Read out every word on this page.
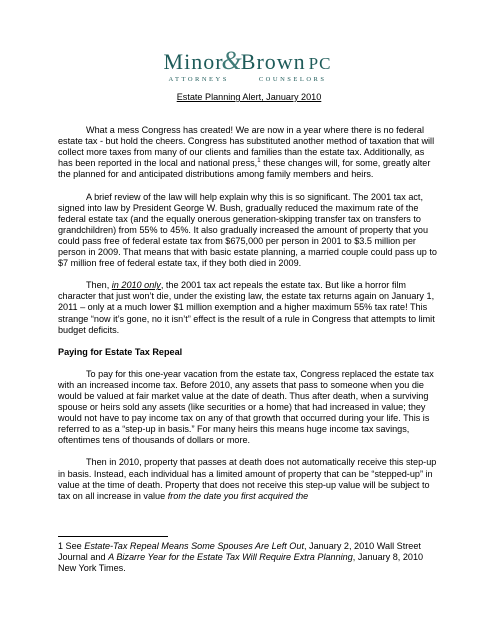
Minor&Brown PC
ATTORNEYS	COUNSELORS
Estate Planning Alert, January 2010

What a mess Congress has created! We are now in a year where there is no federal estate tax - but hold the cheers. Congress has substituted another method of taxation that will collect more taxes from many of our clients and families than the estate tax. Additionally, as has been reported in the local and national press,$^1$ these changes will, for some, greatly alter the planned for and anticipated distributions among family members and heirs.

A brief review of the law will help explain why this is so significant. The 2001 tax act, signed into law by President George W. Bush, gradually reduced the maximum rate of the federal estate tax (and the equally onerous generation-skipping transfer tax on transfers to grandchildren) from 55% to 45%. It also gradually increased the amount of property that you could pass free of federal estate tax from $675,000 per person in 2001 to $3.5 million per person in 2009. That means that with basic estate planning, a married couple could pass up to $7 million free of federal estate tax, if they both died in 2009.

Then, in 2010 only, the 2001 tax act repeals the estate tax. But like a horror film character that just won’t die, under the existing law, the estate tax returns again on January 1, 2011 – only at a much lower $1 million exemption and a higher maximum 55% tax rate! This strange “now it’s gone, no it isn’t” effect is the result of a rule in Congress that attempts to limit budget deficits.

Paying for Estate Tax Repeal

To pay for this one-year vacation from the estate tax, Congress replaced the estate tax with an increased income tax. Before 2010, any assets that pass to someone when you die would be valued at fair market value at the date of death. Thus after death, when a surviving spouse or heirs sold any assets (like securities or a home) that had increased in value; they would not have to pay income tax on any of that growth that occurred during your life. This is referred to as a “step-up in basis.” For many heirs this means huge income tax savings, oftentimes tens of thousands of dollars or more.

Then in 2010, property that passes at death does not automatically receive this step-up in basis. Instead, each individual has a limited amount of property that can be “stepped-up” in value at the time of death. Property that does not receive this step-up value will be subject to tax on all increase in value from the date you first acquired the

1 See Estate-Tax Repeal Means Some Spouses Are Left Out, January 2, 2010 Wall Street Journal and A Bizarre Year for the Estate Tax Will Require Extra Planning, January 8, 2010 New York Times.
